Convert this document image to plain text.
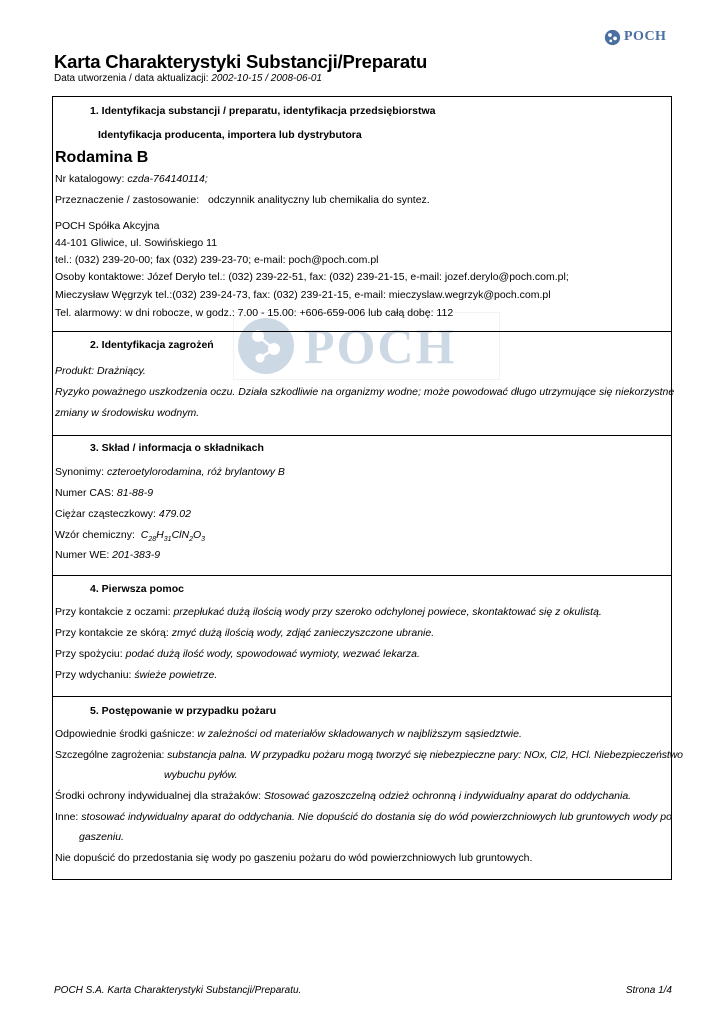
POCH
Karta Charakterystyki Substancji/Preparatu
Data utworzenia / data aktualizacji: 2002-10-15 / 2008-06-01
POCH
1. Identyfikacja substancji / preparatu, identyfikacja przedsiębiorstwa
Identyfikacja producenta, importera lub dystrybutora
Rodamina B
Nr katalogowy: czda-764140114;
Przeznaczenie / zastosowanie: odczynnik analityczny lub chemikalia do syntez.
POCH Spółka Akcyjna
44-101 Gliwice, ul. Sowińskiego 11
tel.: (032) 239-20-00; fax (032) 239-23-70; e-mail: poch@poch.com.pl
Osoby kontaktowe: Józef Deryło tel.: (032) 239-22-51, fax: (032) 239-21-15, e-mail: jozef.derylo@poch.com.pl;
Mieczysław Węgrzyk tel.:(032) 239-24-73, fax: (032) 239-21-15, e-mail: mieczyslaw.wegrzyk@poch.com.pl
Tel. alarmowy: w dni robocze, w godz.: 7.00 - 15.00: +606-659-006 lub całą dobę: 112
2. Identyfikacja zagrożeń
Produkt: Drażniący.
Ryzyko poważnego uszkodzenia oczu. Działa szkodliwie na organizmy wodne; może powodować długo utrzymujące się niekorzystne
zmiany w środowisku wodnym.
3. Skład / informacja o składnikach
Synonimy: czteroetylorodamina, róż brylantowy B
Numer CAS: 81-88-9
Ciężar cząsteczkowy: 479.02
Wzór chemiczny: $C_{28}H_{31}ClN_2O_3$
Numer WE: 201-383-9
4. Pierwsza pomoc
Przy kontakcie z oczami: przepłukać dużą ilością wody przy szeroko odchylonej powiece, skontaktować się z okulistą.
Przy kontakcie ze skórą: zmyć dużą ilością wody, zdjąć zanieczyszczone ubranie.
Przy spożyciu: podać dużą ilość wody, spowodować wymioty, wezwać lekarza.
Przy wdychaniu: świeże powietrze.
5. Postępowanie w przypadku pożaru
Odpowiednie środki gaśnicze: w zależności od materiałów składowanych w najbliższym sąsiedztwie.
Szczególne zagrożenia: substancja palna. W przypadku pożaru mogą tworzyć się niebezpieczne pary: NOx, Cl2, HCl. Niebezpieczeństwo
wybuchu pyłów.
Środki ochrony indywidualnej dla strażaków: Stosować gazoszczelną odzież ochronną i indywidualny aparat do oddychania.
Inne: stosować indywidualny aparat do oddychania. Nie dopuścić do dostania się do wód powierzchniowych lub gruntowych wody po
gaszeniu.
Nie dopuścić do przedostania się wody po gaszeniu pożaru do wód powierzchniowych lub gruntowych.
POCH S.A. Karta Charakterystyki Substancji/Preparatu.	Strona 1/4
